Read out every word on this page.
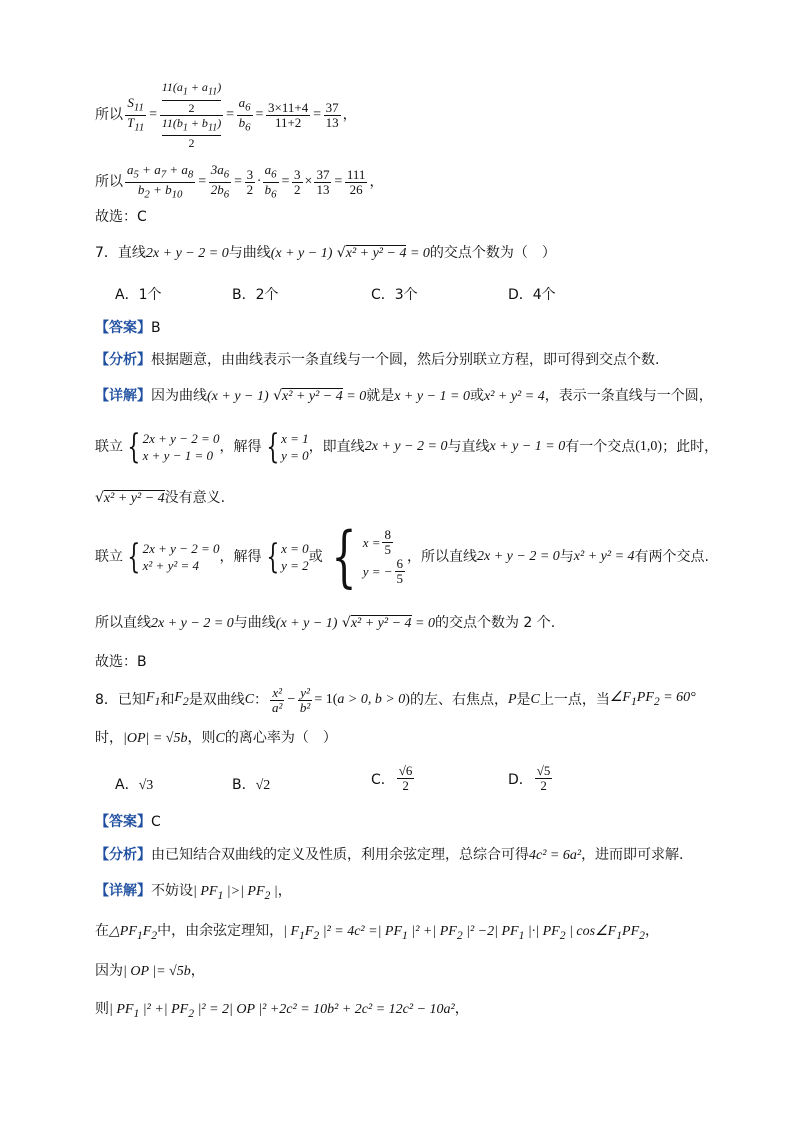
所以 $\frac{S_{11}}{T_{11}} = 11(a_1 + a_{11})$
2
$11(b_1 + b_{11})$
$2 = \frac{a_6}{b_6} = \frac{3\times 11+4}{11+2} = \frac{37}{13}$ ，
所以 $\frac{a_5 + a_7 + a_8}{b_2 + b_{10}} = \frac{3a_6}{2b_6} = \frac{3}{2} \cdot \frac{a_6}{b_6} = \frac{3}{2} \times \frac{37}{13} = \frac{111}{26}$ ，
故选：C
7．直线2x + y − 2 = 0与曲线(x + y − 1) √x² + y² − 4 = 0的交点个数为（　）
A．1个	B．2个	C．3个	D．4个
【答案】B
【分析】根据题意，由曲线表示一条直线与一个圆，然后分别联立方程，即可得到交点个数.
【详解】因为曲线(x + y − 1) √x² + y² − 4 = 0就是x + y − 1 = 0或x² + y² = 4，表示一条直线与一个圆，
联立 { 2x + y − 2 = 0
x + y − 1 = 0
，解得 { x = 1
y = 0
，即直线 2x + y − 2 = 0 与直线 x + y − 1 = 0 有一个交点 (1,0) ；此时，
√x² + y² − 4没有意义.
联立 { 2x + y − 2 = 0
x² + y² = 4
，解得 { x = 0
y = 2
或 { $x = \frac{8}{5}$
y = − $\frac{6}{5}$ ，所以直线 2x + y − 2 = 0 与 x² + y² = 4 有两个交点.
所以直线2x + y − 2 = 0与曲线(x + y − 1) √x² + y² − 4 = 0的交点个数为 2 个.
故选：B
8．已知 $F_1$ 和 $F_2$ 是双曲线 C ： $\frac{\text{x²}}{\text{a²}} - \frac{\text{y²}}{\text{b²}} = 1$( a > 0, b > 0 ) 的左、右焦点， P 是 C 上一点，当 $\angle F_1PF_2 = 60^\circ$
时，|OP| = √5b，则C的离心率为（　）
A．√3	B．√2	C． $\frac{√6}{2}$	D． $\frac{√5}{2}$
【答案】C
【分析】由已知结合双曲线的定义及性质，利用余弦定理，总综合可得4c² = 6a²，进而即可求解.
【详解】不妨设| $PF_1$ |>| $PF_2$ |，
在$\triangle PF_1F_2$中，由余弦定理知，| $F_1F_2$ |² = 4c² =| $PF_1$ |² +| $PF_2$ |² −2| $PF_1$ |·| $PF_2$ | $\cos\angle F_1PF_2$，
因为| OP |= √5b，
则| $PF_1$ |² +| $PF_2$ |² = 2| OP |² +2c² = 10b² + 2c² = 12c² − 10a²，
